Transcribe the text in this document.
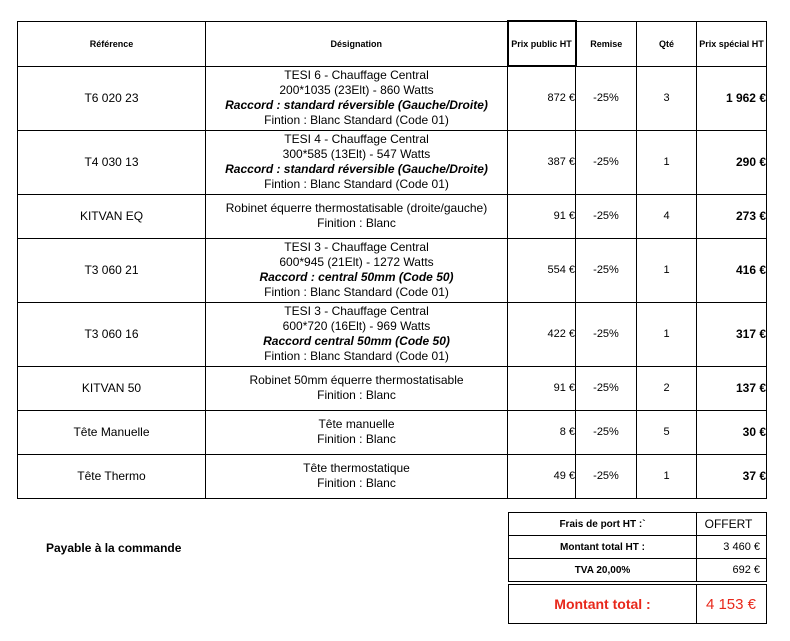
Référence	Désignation	Prix public HT	Remise	Qté	Prix spécial HT
T6 020 23	TESI 6 - Chauffage Central
200*1035 (23Elt) - 860 Watts
Raccord : standard réversible (Gauche/Droite)
Fintion : Blanc Standard (Code 01)	872 €	-25%	3	1 962 €
T4 030 13	TESI 4 - Chauffage Central
300*585 (13Elt) - 547 Watts
Raccord : standard réversible (Gauche/Droite)
Fintion : Blanc Standard (Code 01)	387 €	-25%	1	290 €
KITVAN EQ	Robinet équerre thermostatisable (droite/gauche)
Finition : Blanc	91 €	-25%	4	273 €
T3 060 21	TESI 3 - Chauffage Central
600*945 (21Elt) - 1272 Watts
Raccord : central 50mm (Code 50)
Fintion : Blanc Standard (Code 01)	554 €	-25%	1	416 €
T3 060 16	TESI 3 - Chauffage Central
600*720 (16Elt) - 969 Watts
Raccord central 50mm (Code 50)
Fintion : Blanc Standard (Code 01)	422 €	-25%	1	317 €
KITVAN 50	Robinet 50mm équerre thermostatisable
Finition : Blanc	91 €	-25%	2	137 €
Tête Manuelle	Tête manuelle
Finition : Blanc	8 €	-25%	5	30 €
Tête Thermo	Tête thermostatique
Finition : Blanc	49 €	-25%	1	37 €
Payable à la commande
Frais de port HT :`	OFFERT
Montant total HT :	3 460 €
TVA 20,00%	692 €

Montant total :	4 153 €
